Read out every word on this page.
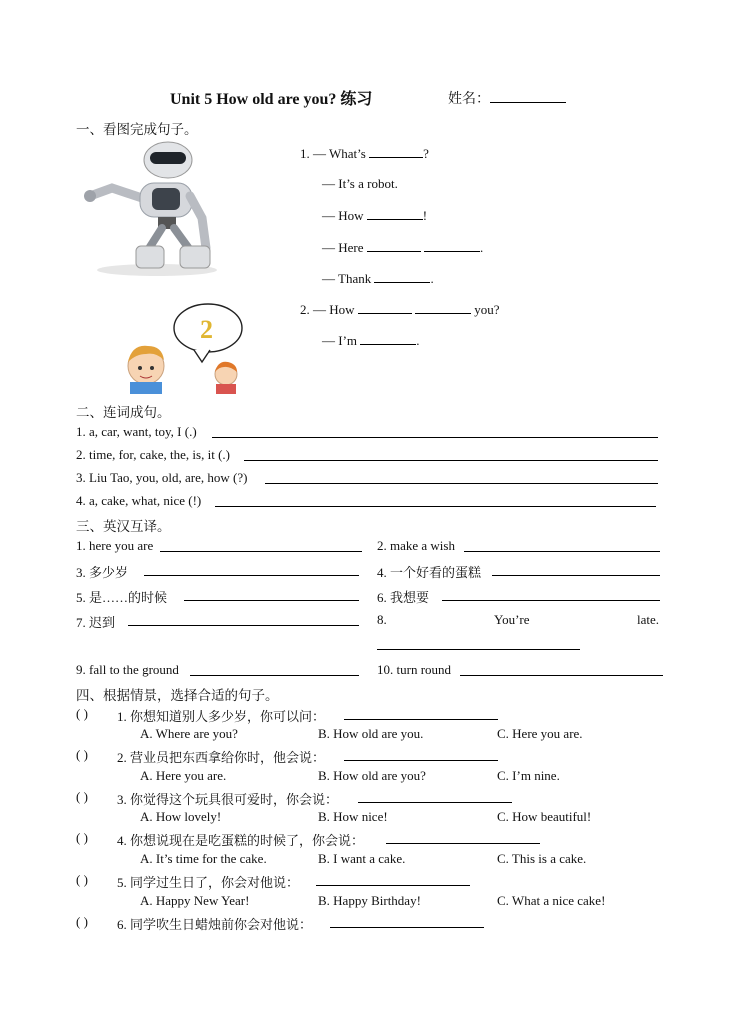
Unit 5 How old are you? 练习	姓名：
一、看图完成句子。
1. — What’s	?
— It’s a robot.
— How	!
— Here	.
— Thank	.
2
2. — How	you?
— I’m	.
二、连词成句。
1. a, car, want, toy, I (.)
2. time, for, cake, the, is, it (.)
3. Liu Tao, you, old, are, how (?)
4. a, cake, what, nice (!)
三、英汉互译。
1. here you are	2. make a wish
3. 多少岁	4. 一个好看的蛋糕
5. 是……的时候	6. 我想要
7. 迟到	8.	You’re	late.
9. fall to the ground	10. turn round
四、根据情景，选择合适的句子。
( ) 1. 你想知道别人多少岁，你可以问：
A. Where are you?	B. How old are you.	C. Here you are.
( ) 2. 营业员把东西拿给你时，他会说：
A. Here you are.	B. How old are you?	C. I’m nine.
( ) 3. 你觉得这个玩具很可爱时，你会说：
A. How lovely!	B. How nice!	C. How beautiful!
( ) 4. 你想说现在是吃蛋糕的时候了，你会说：
A. It’s time for the cake.	B. I want a cake.	C. This is a cake.
( ) 5. 同学过生日了，你会对他说：
A. Happy New Year!	B. Happy Birthday!	C. What a nice cake!
( ) 6. 同学吹生日蜡烛前你会对他说：
